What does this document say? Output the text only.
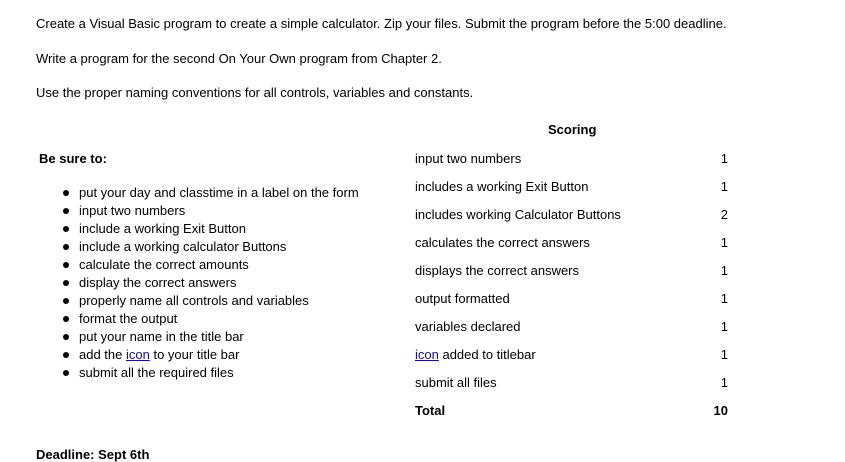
Create a Visual Basic program to create a simple calculator. Zip your files. Submit the program before the 5:00 deadline.

Write a program for the second On Your Own program from Chapter 2.

Use the proper naming conventions for all controls, variables and constants.

Be sure to:

put your day and classtime in a label on the form
input two numbers
include a working Exit Button
include a working calculator Buttons
calculate the correct amounts
display the correct answers
properly name all controls and variables
format the output
put your name in the title bar
add the icon to your title bar
submit all the required files

Scoring

input two numbers	1
includes a working Exit Button	1
includes working Calculator Buttons	2
calculates the correct answers	1
displays the correct answers	1
output formatted	1
variables declared	1
icon added to titlebar	1
submit all files	1
Total	10

Deadline: Sept 6th
